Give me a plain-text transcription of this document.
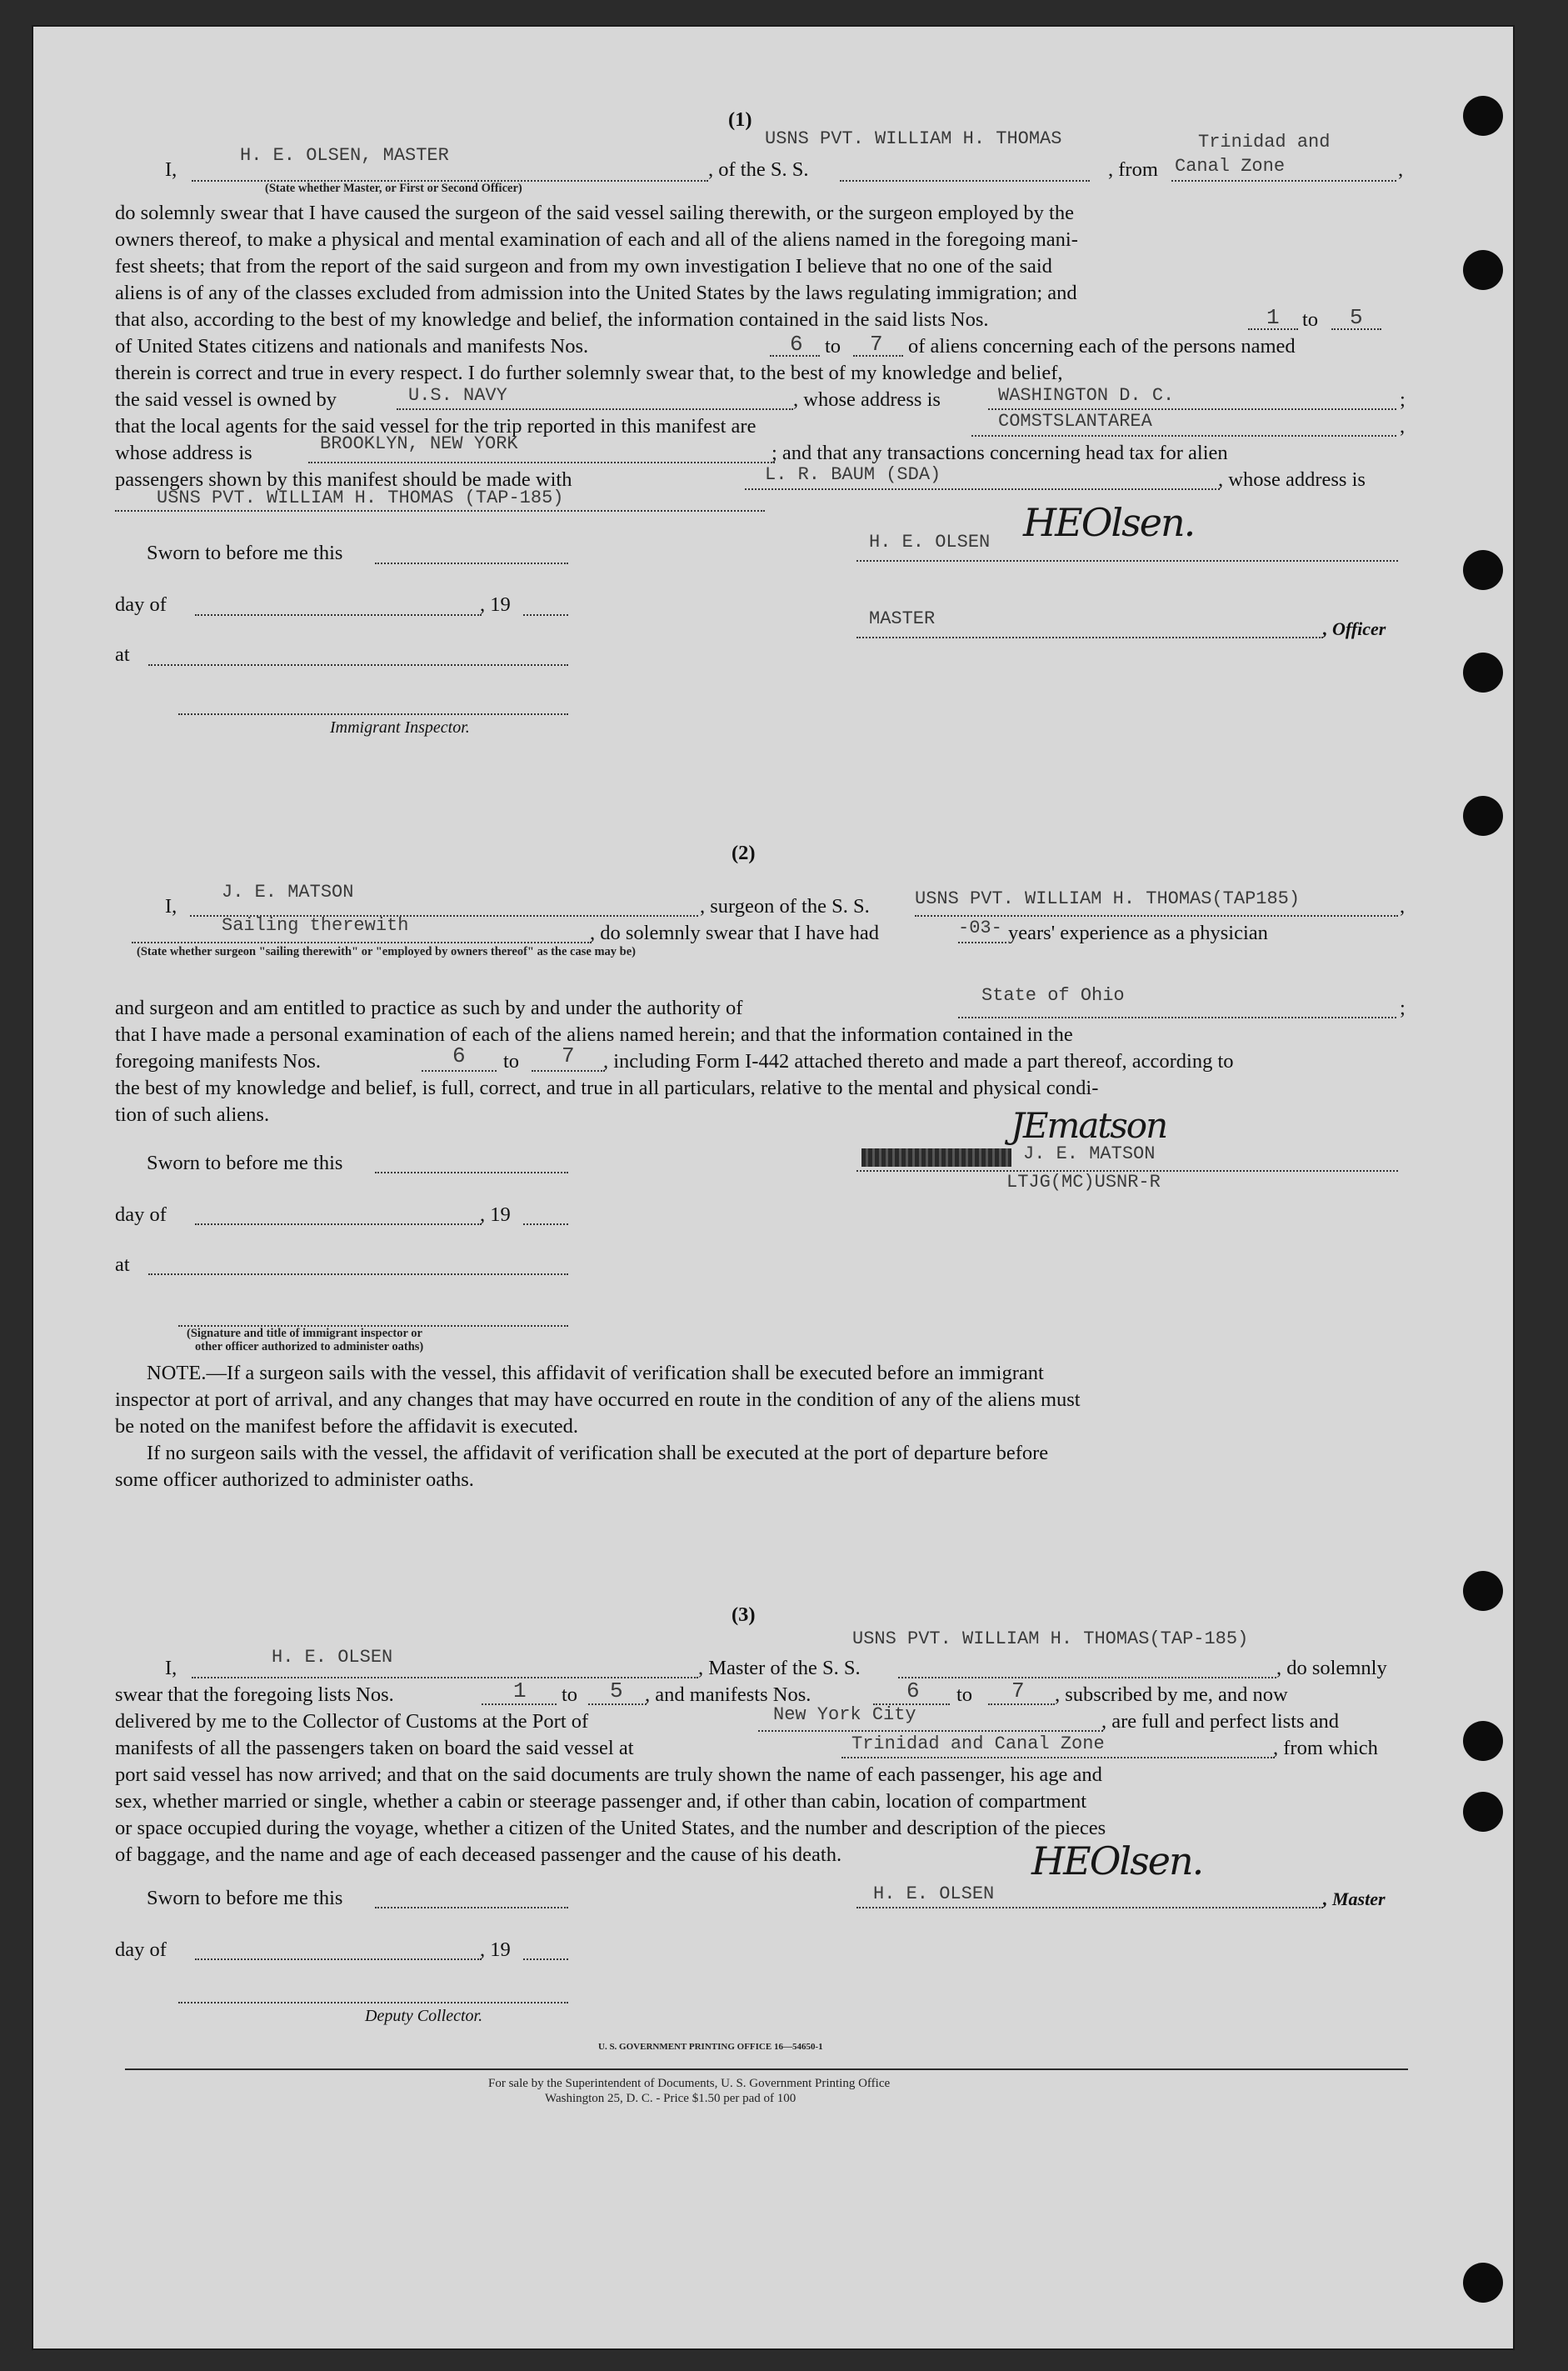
(1)
I,
H. E. OLSEN, MASTER
, of the S. S.
USNS PVT. WILLIAM H. THOMAS
, from
Trinidad and
Canal Zone	,
(State whether Master, or First or Second Officer)
do solemnly swear that I have caused the surgeon of the said vessel sailing therewith, or the surgeon employed by the
owners thereof, to make a physical and mental examination of each and all of the aliens named in the foregoing mani-
fest sheets; that from the report of the said surgeon and from my own investigation I believe that no one of the said
aliens is of any of the classes excluded from admission into the United States by the laws regulating immigration; and
that also, according to the best of my knowledge and belief, the information contained in the said lists Nos.	1 to 5
of United States citizens and nationals and manifests Nos.	6 to 7 of aliens concerning each of the persons named
therein is correct and true in every respect. I do further solemnly swear that, to the best of my knowledge and belief,
the said vessel is owned by	U.S. NAVY	, whose address is	WASHINGTON D. C.	;
that the local agents for the said vessel for the trip reported in this manifest are	COMSTSLANTAREA	,
whose address is	BROOKLYN, NEW YORK	; and that any transactions concerning head tax for alien
passengers shown by this manifest should be made with	L. R. BAUM (SDA)	, whose address is
USNS PVT. WILLIAM H. THOMAS (TAP-185)
Sworn to before me this
day of	, 19
at
Immigrant Inspector.
H. E. OLSEN HEOlsen.
MASTER	, Officer
(2)
I,
J. E. MATSON
, surgeon of the S. S. USNS PVT. WILLIAM H. THOMAS(TAP185)	,
Sailing therewith	, do solemnly swear that I have had	-03- years' experience as a physician
(State whether surgeon "sailing therewith" or "employed by owners thereof" as the case may be)
and surgeon and am entitled to practice as such by and under the authority of
State of Ohio
;
that I have made a personal examination of each of the aliens named herein; and that the information contained in the
foregoing manifests Nos.	6 to 7 , including Form I-442 attached thereto and made a part thereof, according to
the best of my knowledge and belief, is full, correct, and true in all particulars, relative to the mental and physical condi-
tion of such aliens.
Sworn to before me this
day of	, 19
at
(Signature and title of immigrant inspector or
other officer authorized to administer oaths)
JEmatson
J. E. MATSON
LTJG(MC)USNR-R
NOTE.—If a surgeon sails with the vessel, this affidavit of verification shall be executed before an immigrant
inspector at port of arrival, and any changes that may have occurred en route in the condition of any of the aliens must
be noted on the manifest before the affidavit is executed.
If no surgeon sails with the vessel, the affidavit of verification shall be executed at the port of departure before
some officer authorized to administer oaths.
(3)
USNS PVT. WILLIAM H. THOMAS(TAP-185)
I,	H. E. OLSEN	, Master of the S. S.	, do solemnly
swear that the foregoing lists Nos.	1 to 5 , and manifests Nos.	6 to 7 , subscribed by me, and now
delivered by me to the Collector of Customs at the Port of	New York City	, are full and perfect lists and
manifests of all the passengers taken on board the said vessel at	Trinidad and Canal Zone	, from which
port said vessel has now arrived; and that on the said documents are truly shown the name of each passenger, his age and
sex, whether married or single, whether a cabin or steerage passenger and, if other than cabin, location of compartment
or space occupied during the voyage, whether a citizen of the United States, and the number and description of the pieces
of baggage, and the name and age of each deceased passenger and the cause of his death.
Sworn to before me this
day of	, 19
Deputy Collector.
HEOlsen.
H. E. OLSEN	, Master
U. S. GOVERNMENT PRINTING OFFICE 16—54650-1
For sale by the Superintendent of Documents, U. S. Government Printing Office
Washington 25, D. C. - Price $1.50 per pad of 100
